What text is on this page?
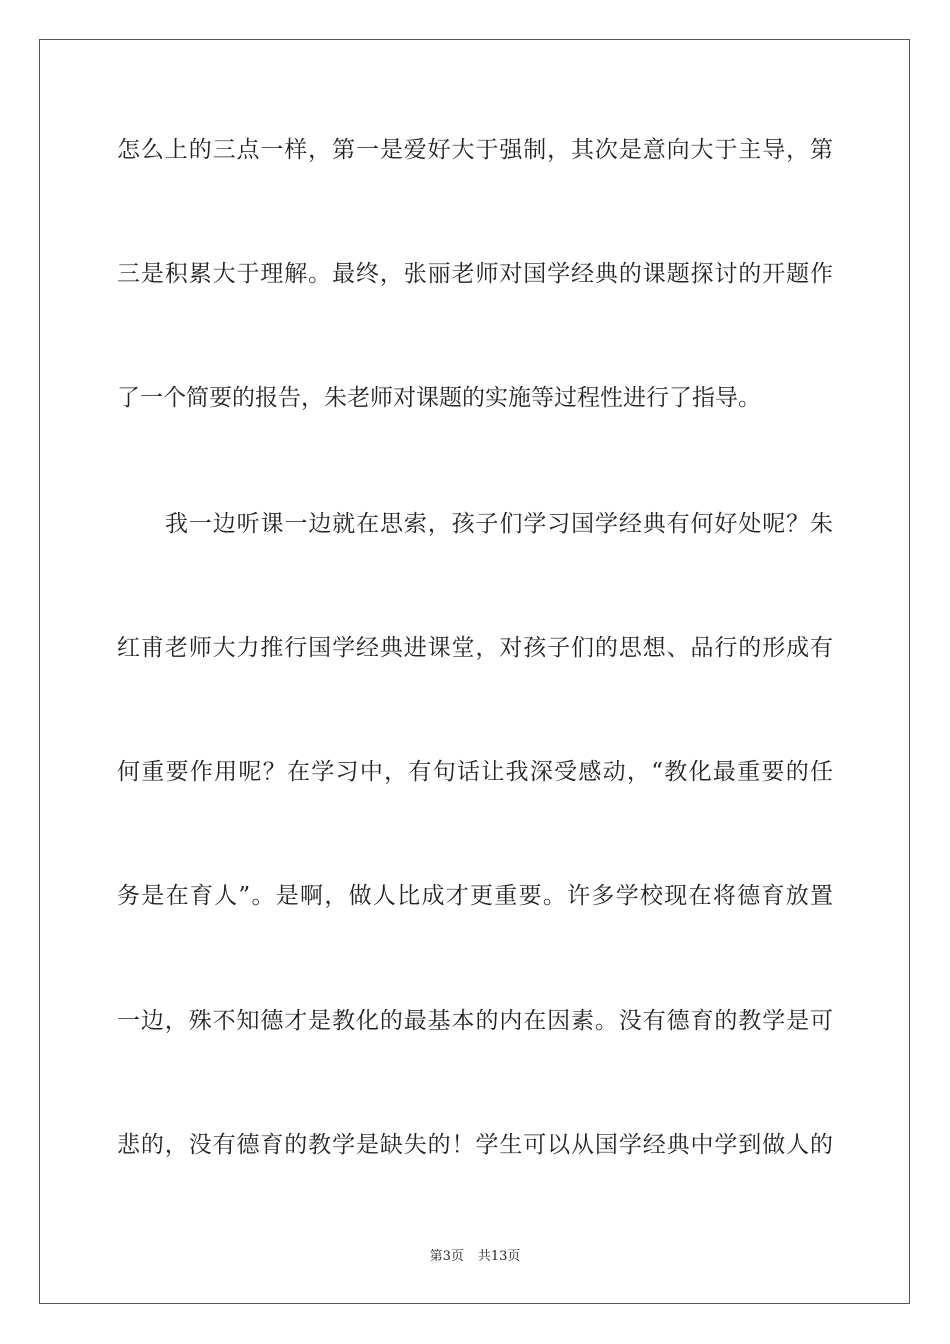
怎么上的三点一样，第一是爱好大于强制，其次是意向大于主导，第
三是积累大于理解。最终，张丽老师对国学经典的课题探讨的开题作
了一个简要的报告，朱老师对课题的实施等过程性进行了指导。
我一边听课一边就在思索，孩子们学习国学经典有何好处呢？朱
红甫老师大力推行国学经典进课堂，对孩子们的思想、品行的形成有
何重要作用呢？在学习中，有句话让我深受感动，“教化最重要的任
务是在育人”。是啊，做人比成才更重要。许多学校现在将德育放置
一边，殊不知德才是教化的最基本的内在因素。没有德育的教学是可
悲的，没有德育的教学是缺失的！学生可以从国学经典中学到做人的
第3页 共13页
